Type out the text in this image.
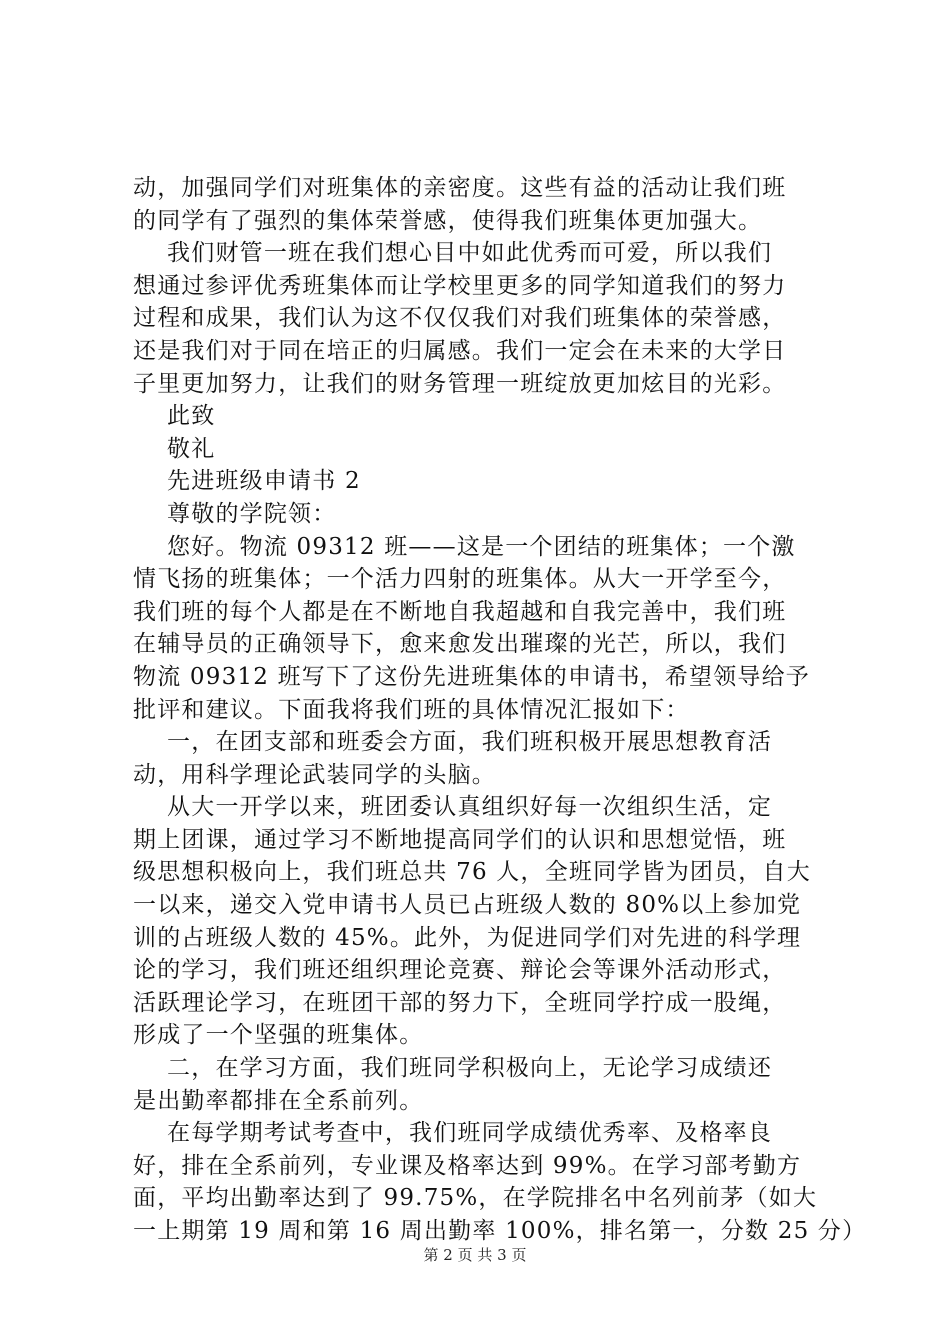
动，加强同学们对班集体的亲密度。这些有益的活动让我们班
的同学有了强烈的集体荣誉感，使得我们班集体更加强大。
我们财管一班在我们想心目中如此优秀而可爱，所以我们
想通过参评优秀班集体而让学校里更多的同学知道我们的努力
过程和成果，我们认为这不仅仅我们对我们班集体的荣誉感，
还是我们对于同在培正的归属感。我们一定会在未来的大学日
子里更加努力，让我们的财务管理一班绽放更加炫目的光彩。
此致
敬礼
先进班级申请书 2
尊敬的学院领：
您好。物流 09312 班——这是一个团结的班集体；一个激
情飞扬的班集体；一个活力四射的班集体。从大一开学至今，
我们班的每个人都是在不断地自我超越和自我完善中，我们班
在辅导员的正确领导下，愈来愈发出璀璨的光芒，所以，我们
物流 09312 班写下了这份先进班集体的申请书，希望领导给予
批评和建议。下面我将我们班的具体情况汇报如下：
一，在团支部和班委会方面，我们班积极开展思想教育活
动，用科学理论武装同学的头脑。
从大一开学以来，班团委认真组织好每一次组织生活，定
期上团课，通过学习不断地提高同学们的认识和思想觉悟，班
级思想积极向上，我们班总共 76 人，全班同学皆为团员，自大
一以来，递交入党申请书人员已占班级人数的 80%以上参加党
训的占班级人数的 45%。此外，为促进同学们对先进的科学理
论的学习，我们班还组织理论竞赛、辩论会等课外活动形式，
活跃理论学习，在班团干部的努力下，全班同学拧成一股绳，
形成了一个坚强的班集体。
二，在学习方面，我们班同学积极向上，无论学习成绩还
是出勤率都排在全系前列。
在每学期考试考查中，我们班同学成绩优秀率、及格率良
好，排在全系前列，专业课及格率达到 99%。在学习部考勤方
面，平均出勤率达到了 99.75%，在学院排名中名列前茅（如大
一上期第 19 周和第 16 周出勤率 100%，排名第一，分数 25 分）
第 2 页 共 3 页
